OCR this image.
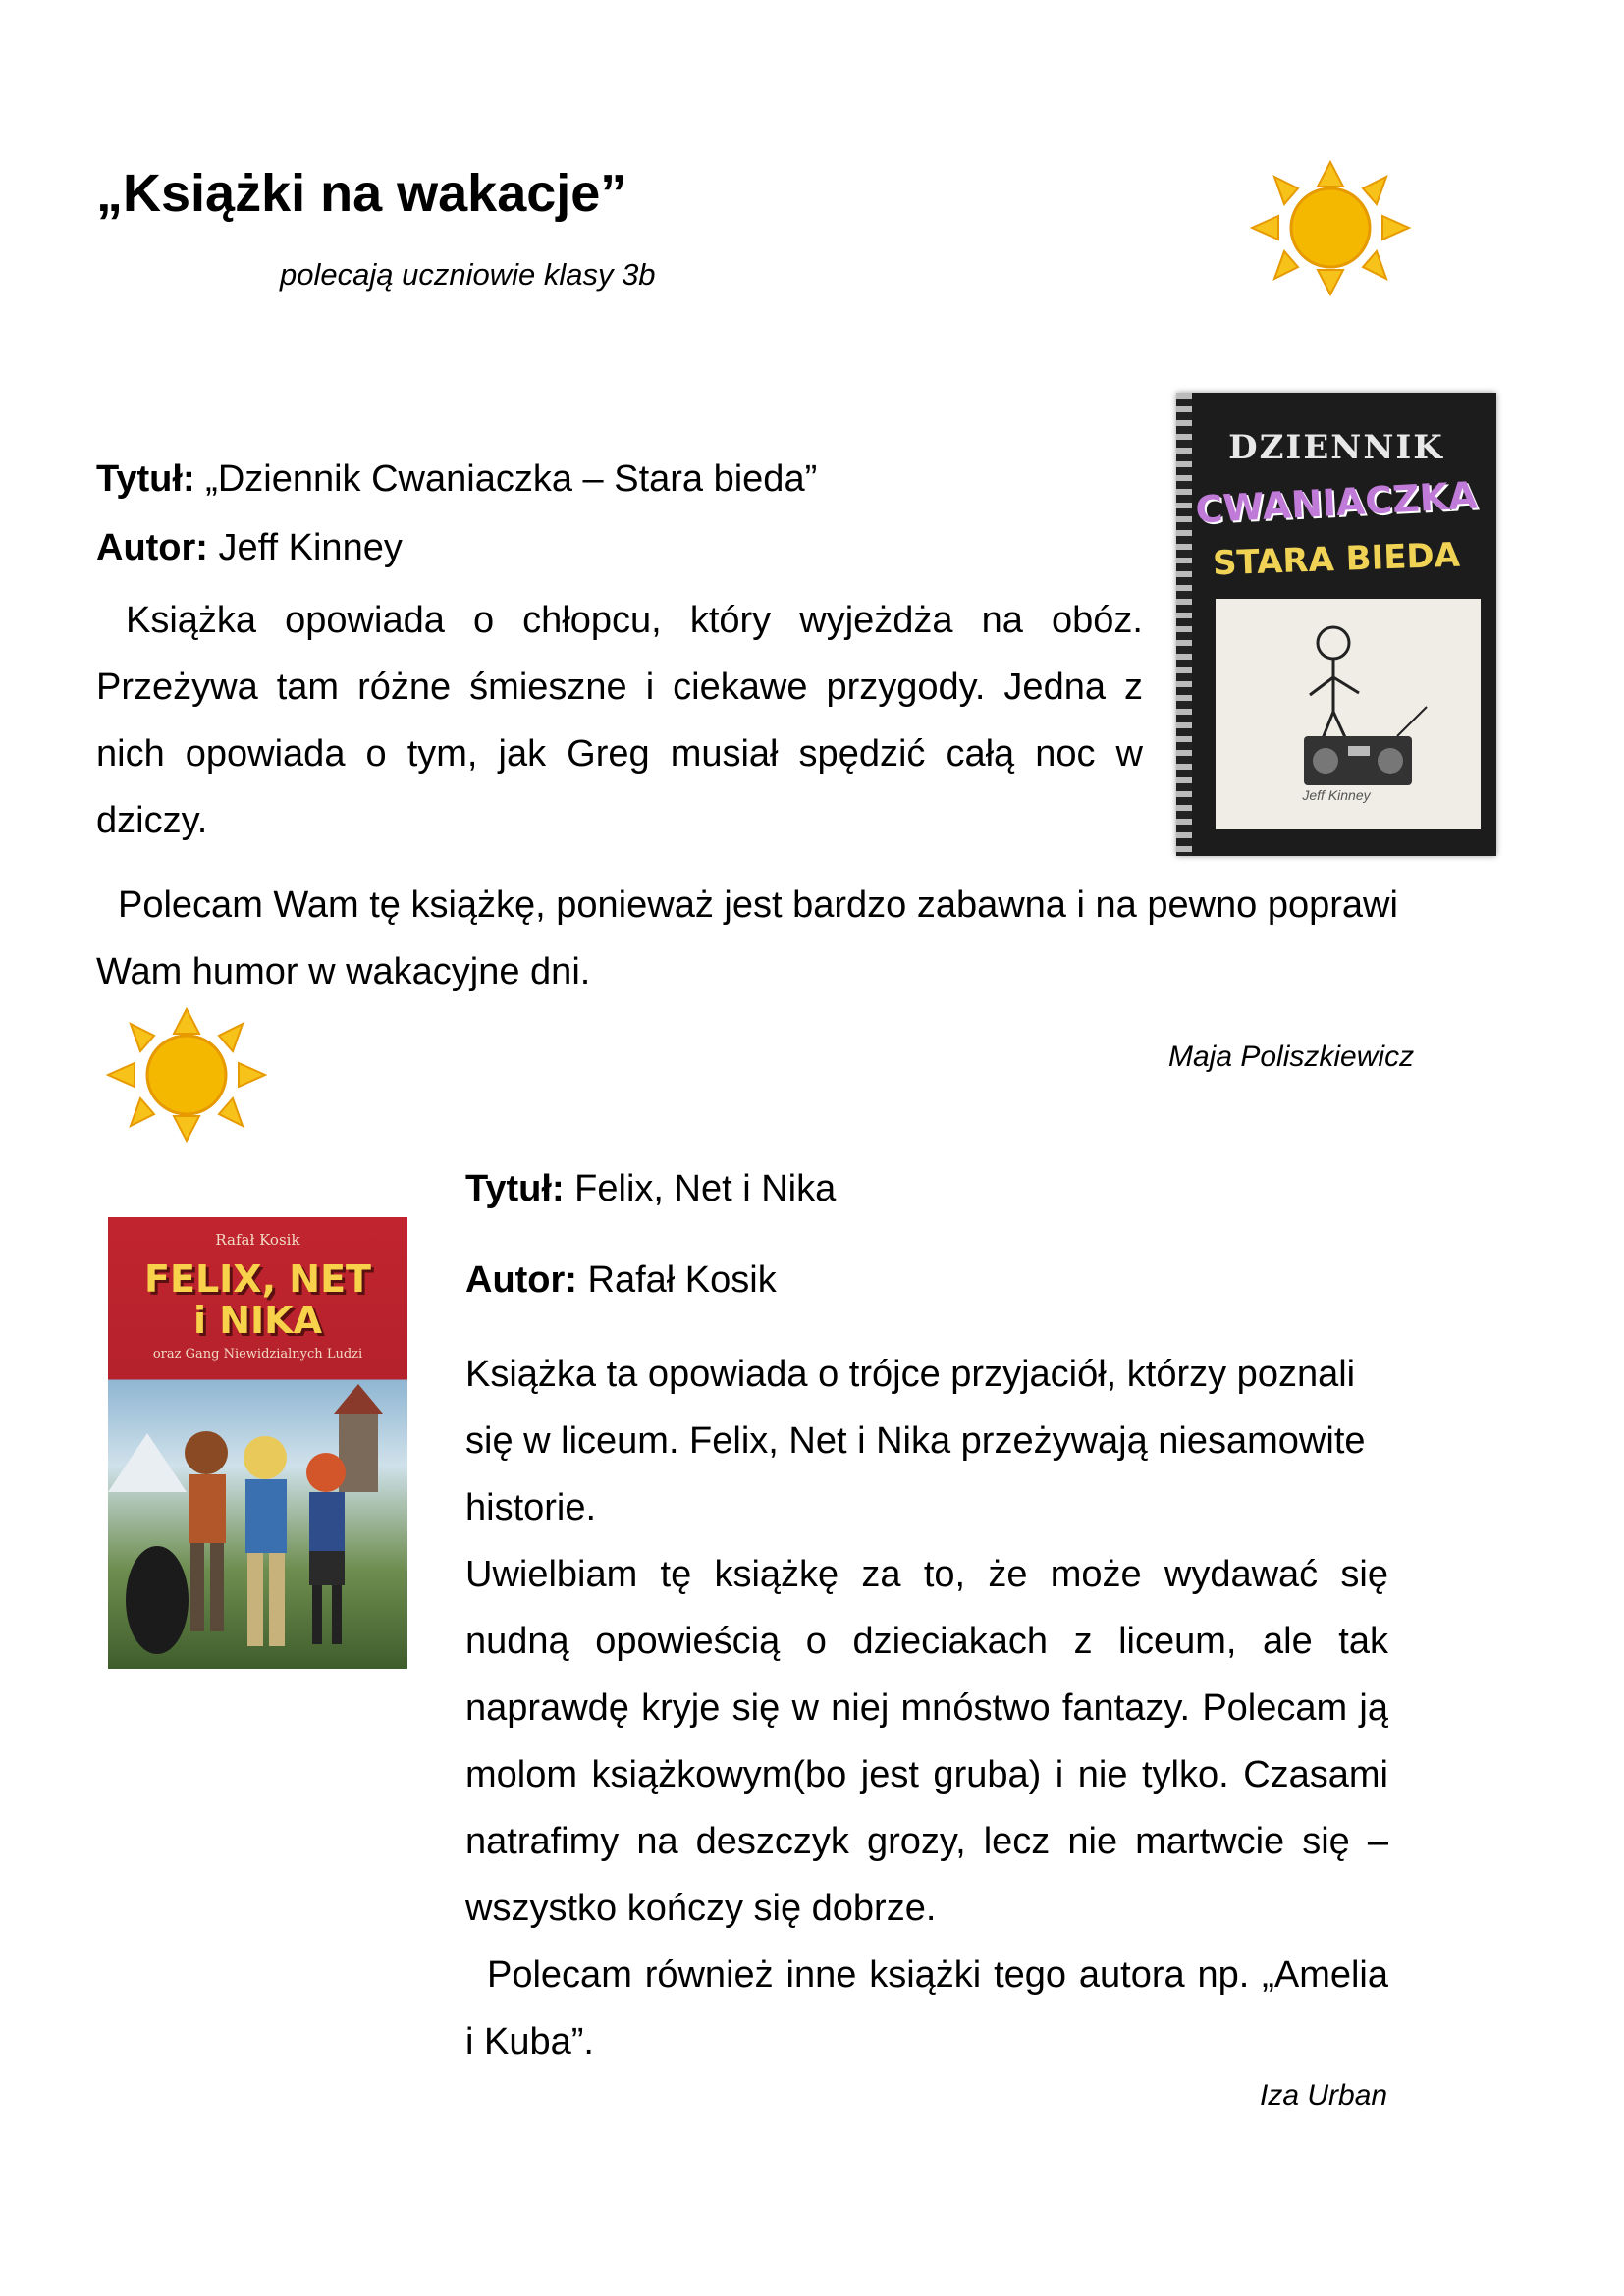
„Książki na wakacje”
polecają uczniowie klasy 3b
Tytuł: „Dziennik Cwaniaczka – Stara bieda”
Autor: Jeff Kinney
Książka opowiada o chłopcu, który wyjeżdża na obóz. Przeżywa tam różne śmieszne i ciekawe przygody. Jedna z nich opowiada o tym, jak Greg musiał spędzić całą noc w dziczy.
Polecam Wam tę książkę, ponieważ jest bardzo zabawna i na pewno poprawi Wam humor w wakacyjne dni.
Maja Poliszkiewicz
DZIENNIK
CWANIACZKA
STARA BIEDA
Jeff Kinney
Tytuł: Felix, Net i Nika
Autor: Rafał Kosik
Książka ta opowiada o trójce przyjaciół, którzy poznali się w liceum. Felix, Net i Nika przeżywają niesamowite historie.
Uwielbiam tę książkę za to, że może wydawać się nudną opowieścią o dzieciakach z liceum, ale tak naprawdę kryje się w niej mnóstwo fantazy. Polecam ją molom książkowym(bo jest gruba) i nie tylko. Czasami natrafimy na deszczyk grozy, lecz nie martwcie się – wszystko kończy się dobrze.
Polecam również inne książki tego autora np. „Amelia i Kuba”.
Iza Urban
Rafał Kosik
FELIX, NET
i NIKA
oraz Gang Niewidzialnych Ludzi
